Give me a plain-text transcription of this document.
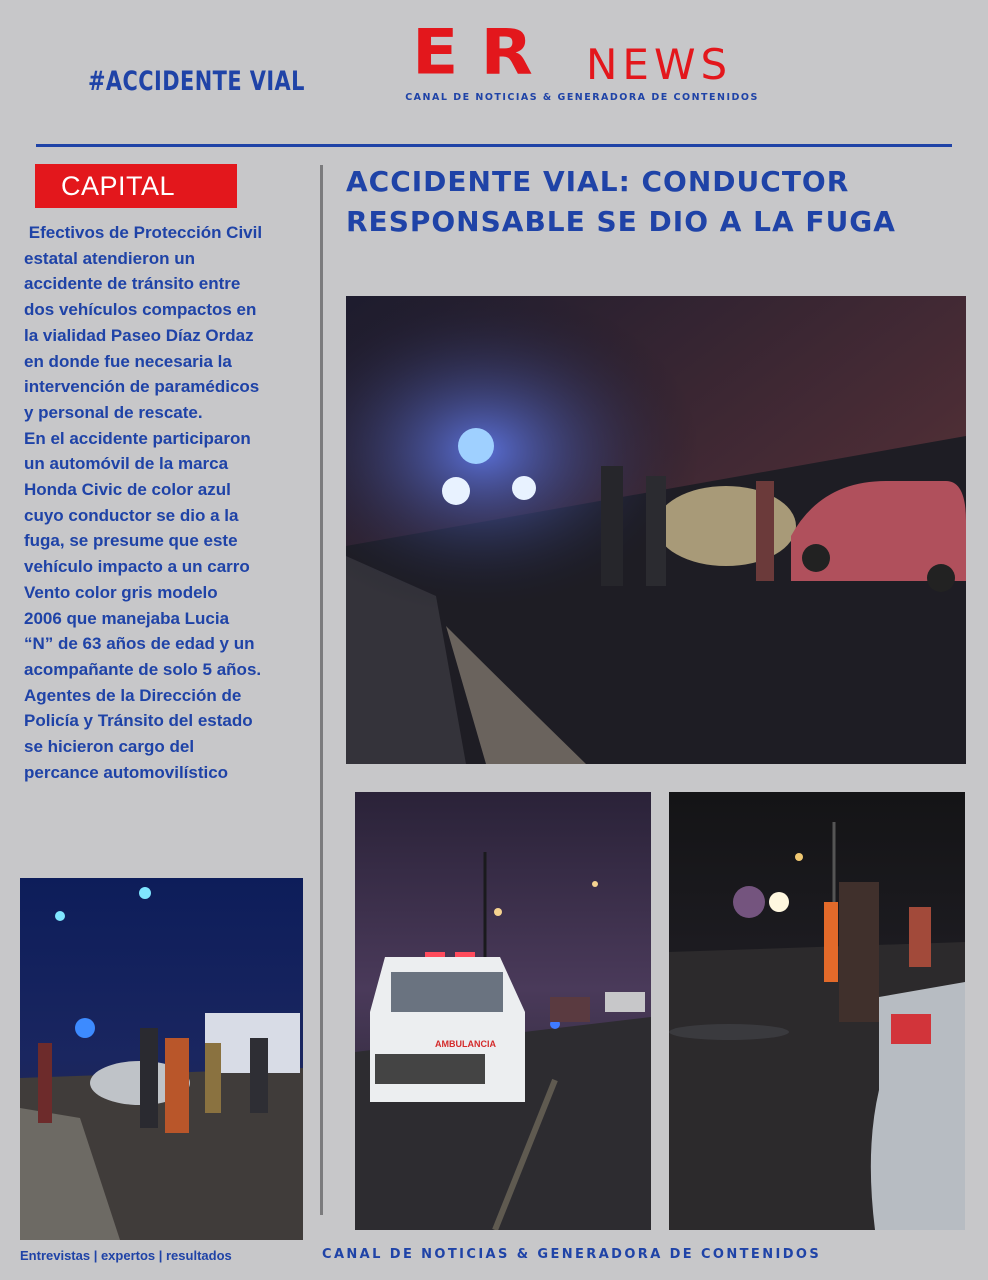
#ACCIDENTE VIAL ER NEWS
CANAL DE NOTICIAS & GENERADORA DE CONTENIDOS
CAPITAL

Efectivos de Protección Civil
estatal atendieron un
accidente de tránsito entre
dos vehículos compactos en
la vialidad Paseo Díaz Ordaz
en donde fue necesaria la
intervención de paramédicos
y personal de rescate.
En el accidente participaron
un automóvil de la marca
Honda Civic de color azul
cuyo conductor se dio a la
fuga, se presume que este
vehículo impacto a un carro
Vento color gris modelo
2006 que manejaba Lucia
“N” de 63 años de edad y un
acompañante de solo 5 años.
Agentes de la Dirección de
Policía y Tránsito del estado
se hicieron cargo del
percance automovilístico

ACCIDENTE VIAL: CONDUCTOR RESPONSABLE SE DIO A LA FUGA
AMBULANCIA
Entrevistas | expertos | resultados	CANAL DE NOTICIAS & GENERADORA DE CONTENIDOS
